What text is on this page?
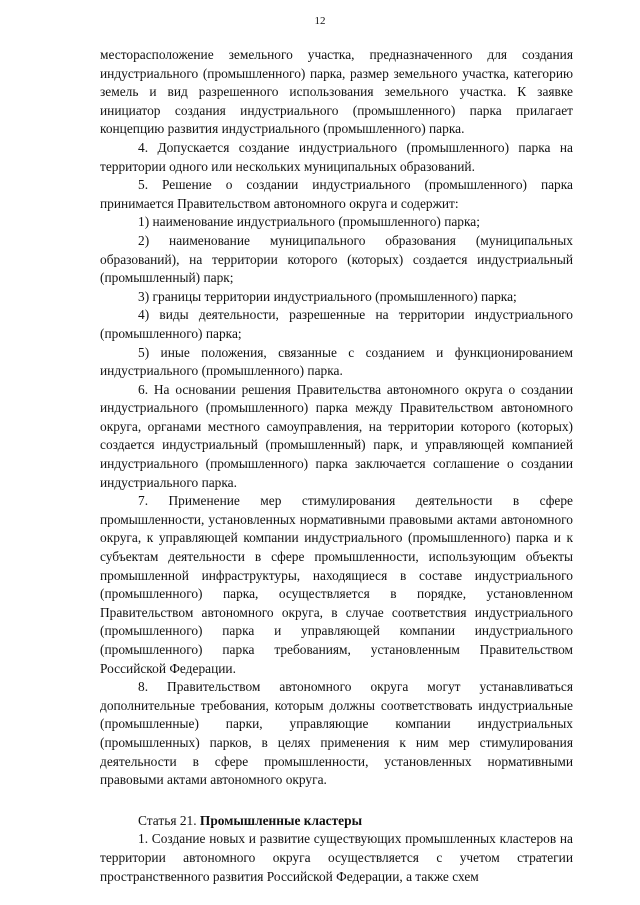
12

месторасположение земельного участка, предназначенного для создания индустриального (промышленного) парка, размер земельного участка, категорию земель и вид разрешенного использования земельного участка. К заявке инициатор создания индустриального (промышленного) парка прилагает концепцию развития индустриального (промышленного) парка.

4. Допускается создание индустриального (промышленного) парка на территории одного или нескольких муниципальных образований.

5. Решение о создании индустриального (промышленного) парка принимается Правительством автономного округа и содержит:

1) наименование индустриального (промышленного) парка;

2) наименование муниципального образования (муниципальных образований), на территории которого (которых) создается индустриальный (промышленный) парк;

3) границы территории индустриального (промышленного) парка;

4) виды деятельности, разрешенные на территории индустриального (промышленного) парка;

5) иные положения, связанные с созданием и функционированием индустриального (промышленного) парка.

6. На основании решения Правительства автономного округа о создании индустриального (промышленного) парка между Правительством автономного округа, органами местного самоуправления, на территории которого (которых) создается индустриальный (промышленный) парк, и управляющей компанией индустриального (промышленного) парка заключается соглашение о создании индустриального парка.

7. Применение мер стимулирования деятельности в сфере промышленности, установленных нормативными правовыми актами автономного округа, к управляющей компании индустриального (промышленного) парка и к субъектам деятельности в сфере промышленности, использующим объекты промышленной инфраструктуры, находящиеся в составе индустриального (промышленного) парка, осуществляется в порядке, установленном Правительством автономного округа, в случае соответствия индустриального (промышленного) парка и управляющей компании индустриального (промышленного) парка требованиям, установленным Правительством Российской Федерации.

8. Правительством автономного округа могут устанавливаться дополнительные требования, которым должны соответствовать индустриальные (промышленные) парки, управляющие компании индустриальных (промышленных) парков, в целях применения к ним мер стимулирования деятельности в сфере промышленности, установленных нормативными правовыми актами автономного округа.

Статья 21. Промышленные кластеры

1. Создание новых и развитие существующих промышленных кластеров на территории автономного округа осуществляется с учетом стратегии пространственного развития Российской Федерации, а также схем
